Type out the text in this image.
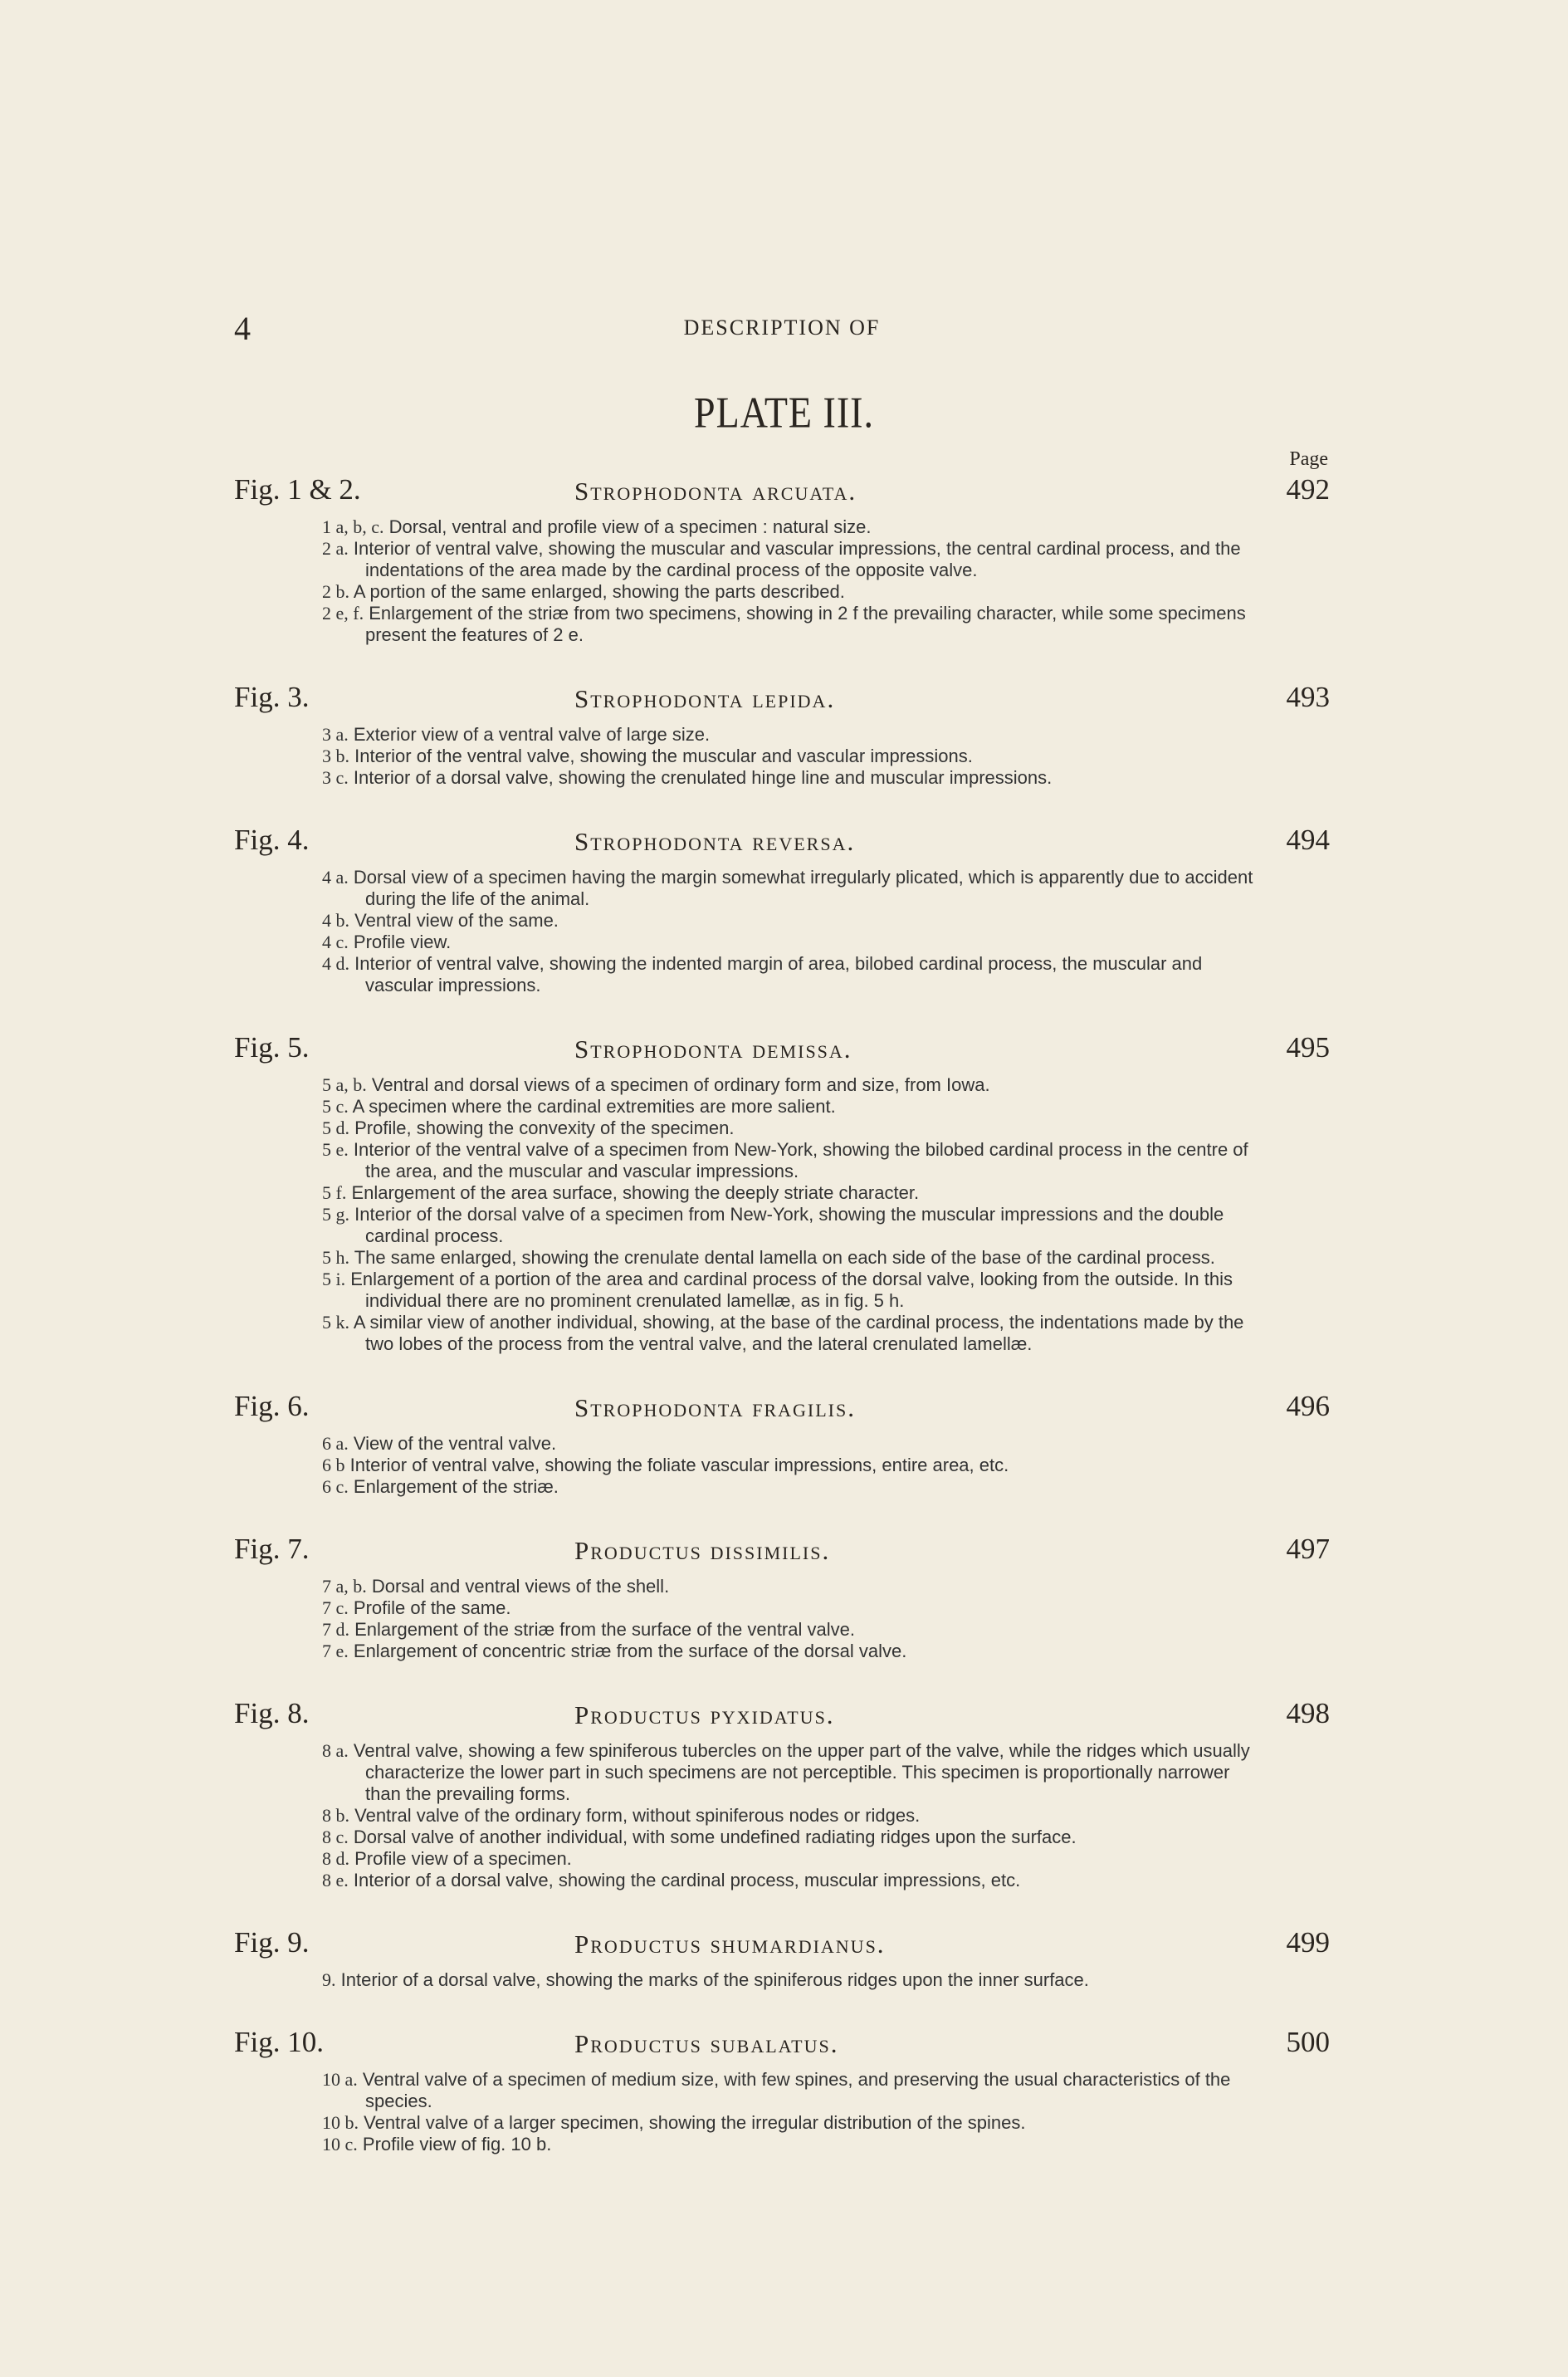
4	DESCRIPTION OF
PLATE III.
Page
Fig. 1 & 2.	Strophodonta arcuata.	492
1 a, b, c. Dorsal, ventral and profile view of a specimen : natural size.
2 a. Interior of ventral valve, showing the muscular and vascular impressions, the central cardinal process, and the indentations of the area made by the cardinal process of the opposite valve.
2 b. A portion of the same enlarged, showing the parts described.
2 e, f. Enlargement of the striæ from two specimens, showing in 2 f the prevailing character, while some specimens present the features of 2 e.
Fig. 3.	Strophodonta lepida.	493
3 a. Exterior view of a ventral valve of large size.
3 b. Interior of the ventral valve, showing the muscular and vascular impressions.
3 c. Interior of a dorsal valve, showing the crenulated hinge line and muscular impressions.
Fig. 4.	Strophodonta reversa.	494
4 a. Dorsal view of a specimen having the margin somewhat irregularly plicated, which is apparently due to accident during the life of the animal.
4 b. Ventral view of the same.
4 c. Profile view.
4 d. Interior of ventral valve, showing the indented margin of area, bilobed cardinal process, the muscular and vascular impressions.
Fig. 5.	Strophodonta demissa.	495
5 a, b. Ventral and dorsal views of a specimen of ordinary form and size, from Iowa.
5 c. A specimen where the cardinal extremities are more salient.
5 d. Profile, showing the convexity of the specimen.
5 e. Interior of the ventral valve of a specimen from New-York, showing the bilobed cardinal process in the centre of the area, and the muscular and vascular impressions.
5 f. Enlargement of the area surface, showing the deeply striate character.
5 g. Interior of the dorsal valve of a specimen from New-York, showing the muscular impressions and the double cardinal process.
5 h. The same enlarged, showing the crenulate dental lamella on each side of the base of the cardinal process.
5 i. Enlargement of a portion of the area and cardinal process of the dorsal valve, looking from the outside. In this individual there are no prominent crenulated lamellæ, as in fig. 5 h.
5 k. A similar view of another individual, showing, at the base of the cardinal process, the indentations made by the two lobes of the process from the ventral valve, and the lateral crenulated lamellæ.
Fig. 6.	Strophodonta fragilis.	496
6 a. View of the ventral valve.
6 b Interior of ventral valve, showing the foliate vascular impressions, entire area, etc.
6 c. Enlargement of the striæ.
Fig. 7.	Productus dissimilis.	497
7 a, b. Dorsal and ventral views of the shell.
7 c. Profile of the same.
7 d. Enlargement of the striæ from the surface of the ventral valve.
7 e. Enlargement of concentric striæ from the surface of the dorsal valve.
Fig. 8.	Productus pyxidatus.	498
8 a. Ventral valve, showing a few spiniferous tubercles on the upper part of the valve, while the ridges which usually characterize the lower part in such specimens are not perceptible. This specimen is proportionally narrower than the prevailing forms.
8 b. Ventral valve of the ordinary form, without spiniferous nodes or ridges.
8 c. Dorsal valve of another individual, with some undefined radiating ridges upon the surface.
8 d. Profile view of a specimen.
8 e. Interior of a dorsal valve, showing the cardinal process, muscular impressions, etc.
Fig. 9.	Productus shumardianus.	499
9. Interior of a dorsal valve, showing the marks of the spiniferous ridges upon the inner surface.
Fig. 10.	Productus subalatus.	500
10 a. Ventral valve of a specimen of medium size, with few spines, and preserving the usual characteristics of the species.
10 b. Ventral valve of a larger specimen, showing the irregular distribution of the spines.
10 c. Profile view of fig. 10 b.
